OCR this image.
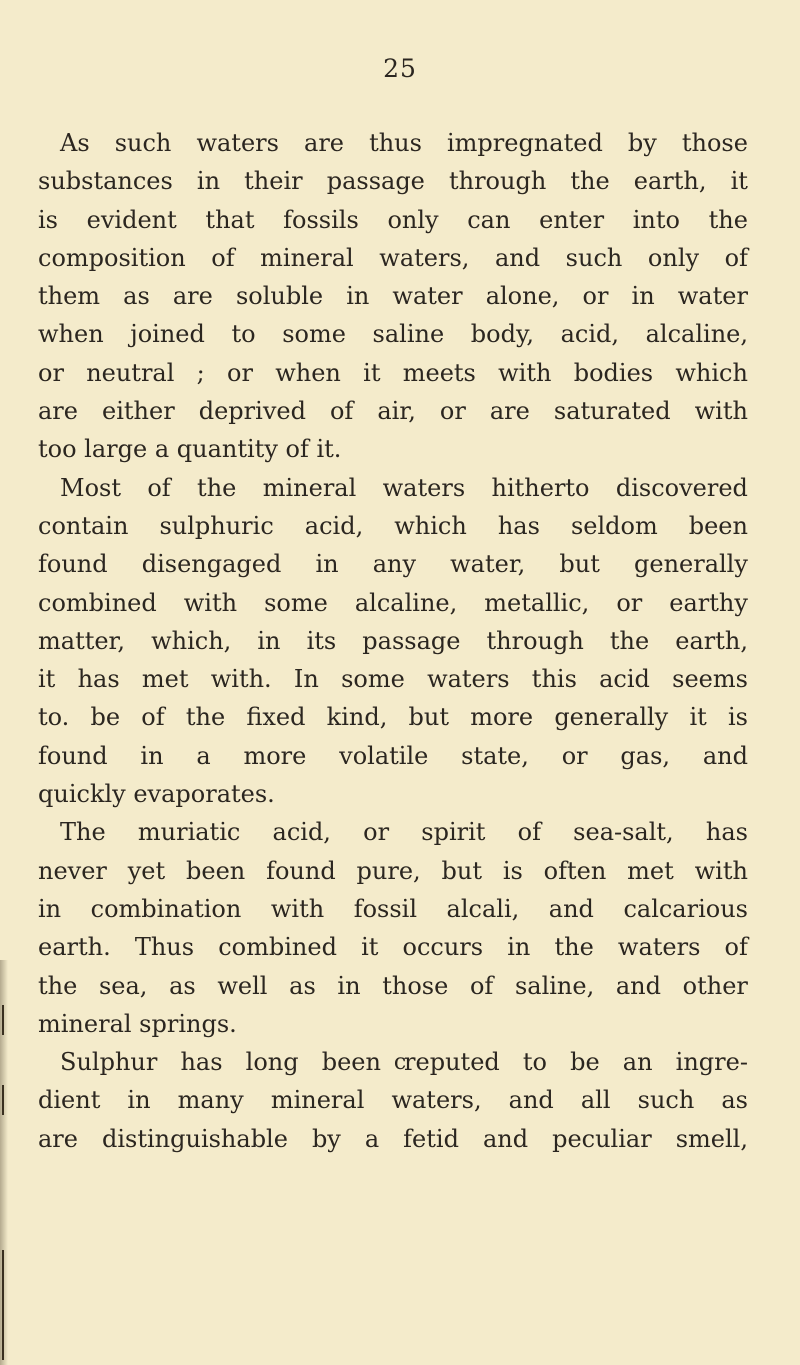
25
As such waters are thus impregnated by those
substances in their passage through the earth, it
is evident that fossils only can enter into the
composition of mineral waters, and such only of
them as are soluble in water alone, or in water
when joined to some saline body, acid, alcaline,
or neutral ; or when it meets with bodies which
are either deprived of air, or are saturated with
too large a quantity of it.
Most of the mineral waters hitherto discovered
contain sulphuric acid, which has seldom been
found disengaged in any water, but generally
combined with some alcaline, metallic, or earthy
matter, which, in its passage through the earth,
it has met with. In some waters this acid seems
to. be of the fixed kind, but more generally it is
found in a more volatile state, or gas, and
quickly evaporates.
The muriatic acid, or spirit of sea-salt, has
never yet been found pure, but is often met with
in combination with fossil alcali, and calcarious
earth. Thus combined it occurs in the waters of
the sea, as well as in those of saline, and other
mineral springs.
Sulphur has long been reputed to be an ingre-
dient in many mineral waters, and all such as
are distinguishable by a fetid and peculiar smell,
c
